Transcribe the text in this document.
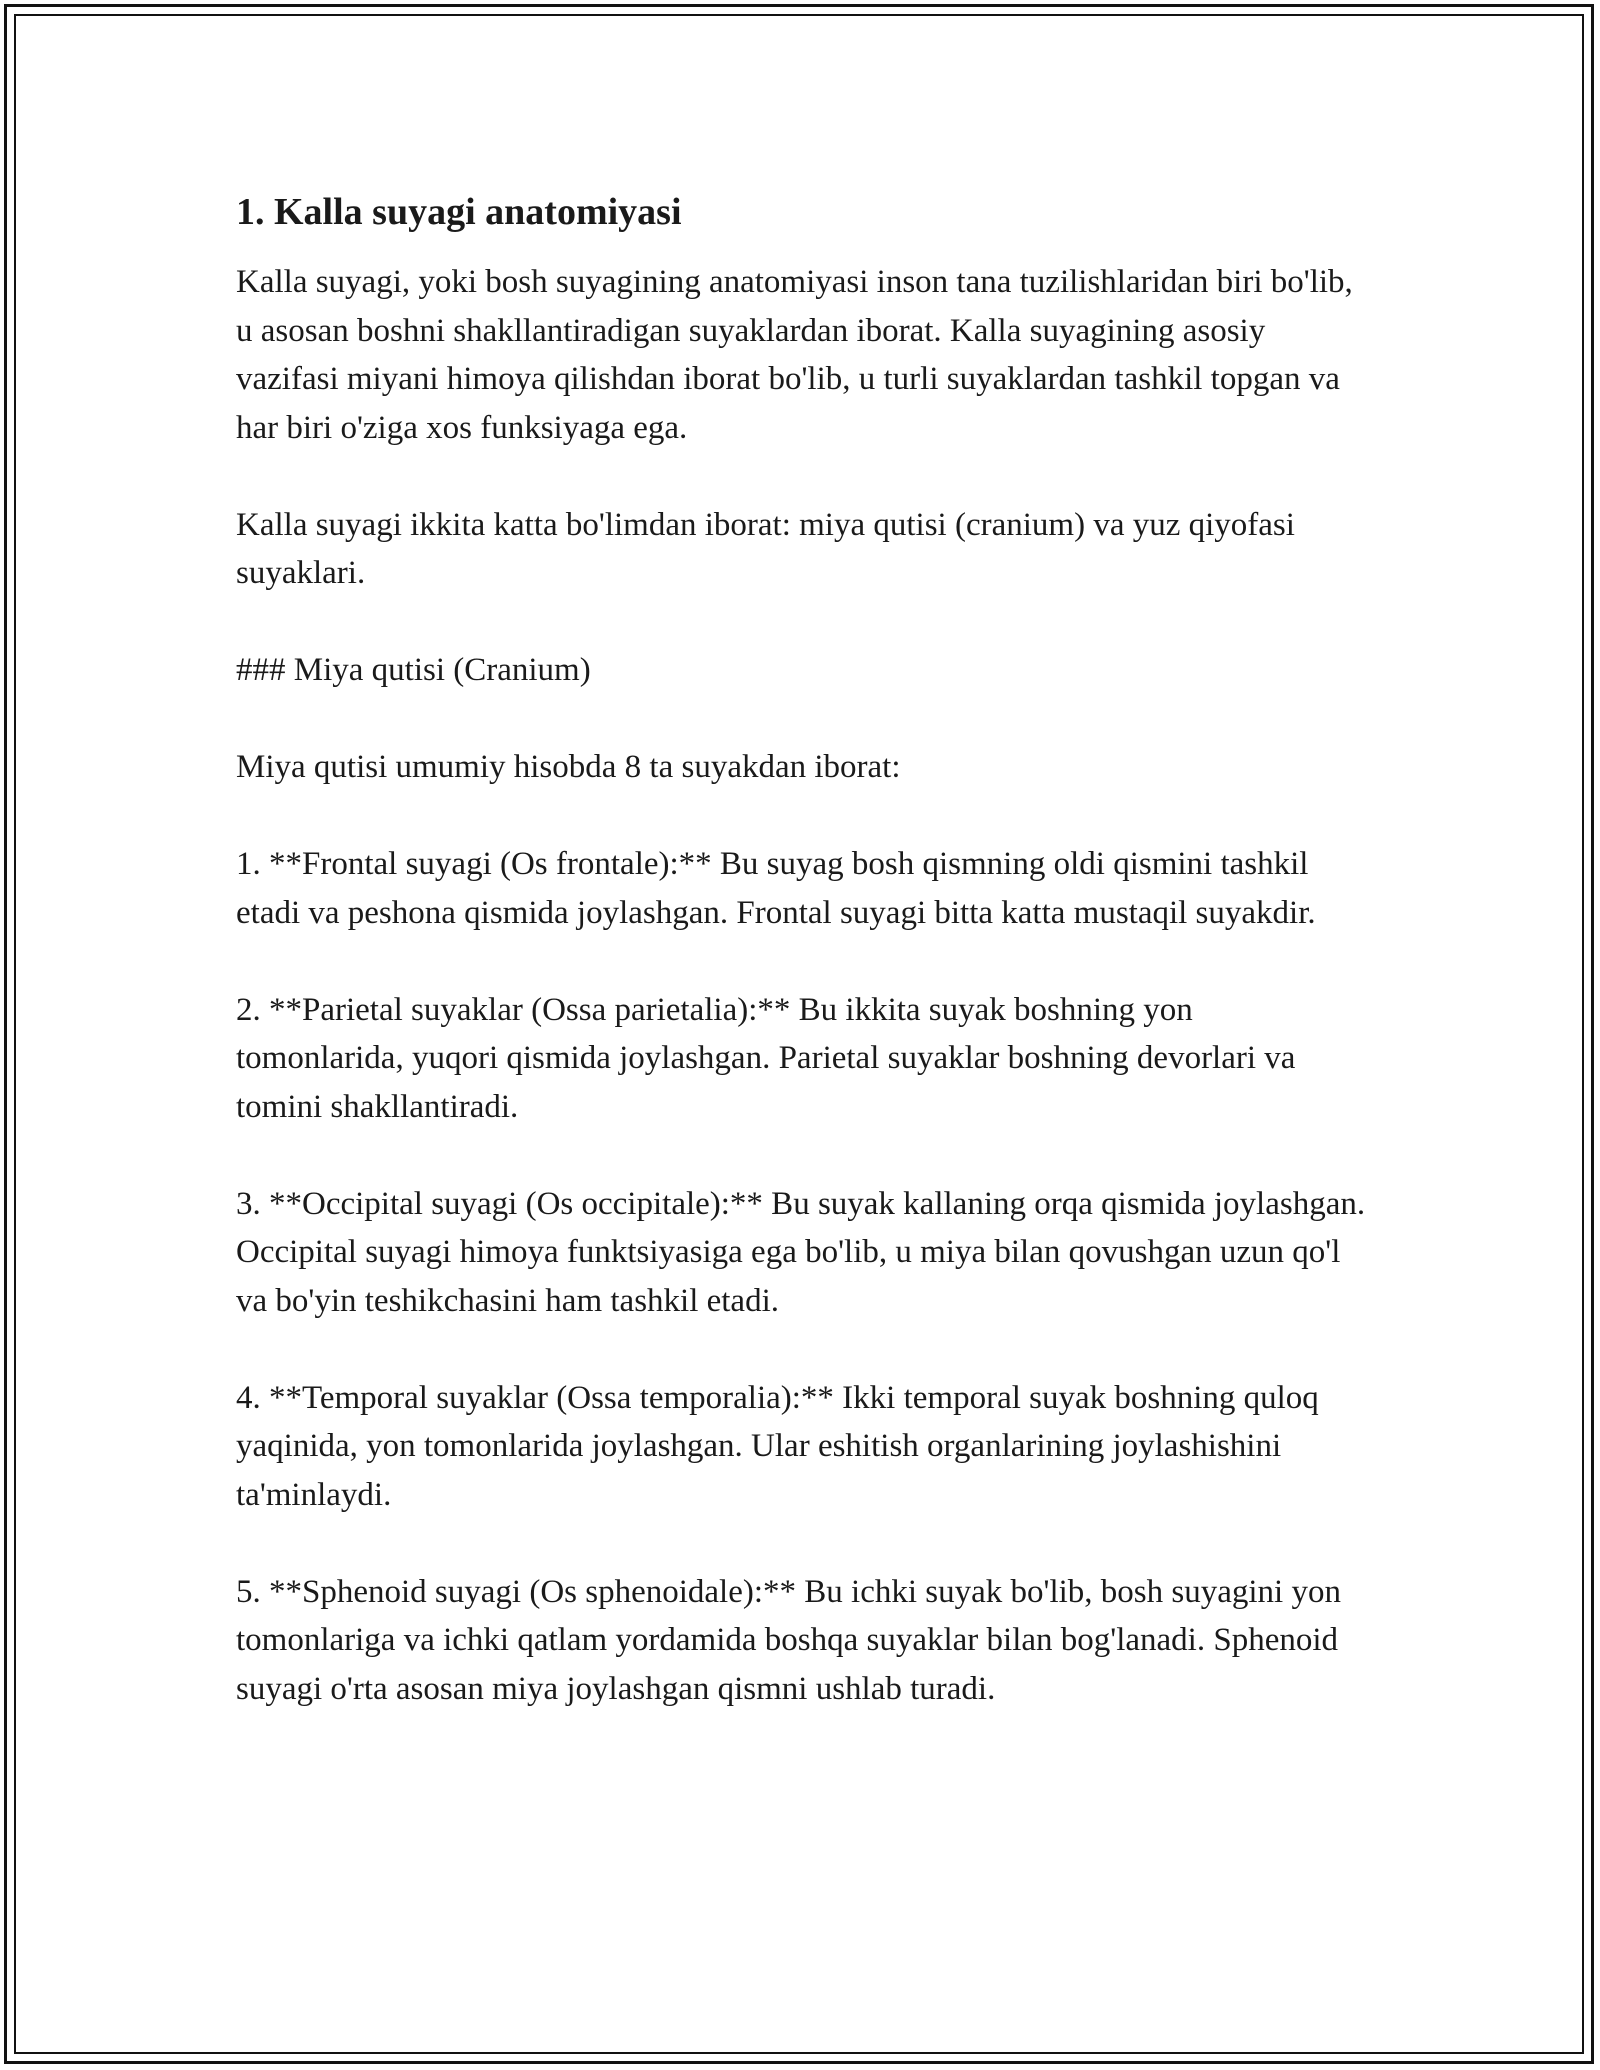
1. Kalla suyagi anatomiyasi

Kalla suyagi, yoki bosh suyagining anatomiyasi inson tana tuzilishlaridan biri bo'lib, u asosan boshni shakllantiradigan suyaklardan iborat. Kalla suyagining asosiy vazifasi miyani himoya qilishdan iborat bo'lib, u turli suyaklardan tashkil topgan va har biri o'ziga xos funksiyaga ega.

Kalla suyagi ikkita katta bo'limdan iborat: miya qutisi (cranium) va yuz qiyofasi suyaklari.

### Miya qutisi (Cranium)

Miya qutisi umumiy hisobda 8 ta suyakdan iborat:

1. **Frontal suyagi (Os frontale):** Bu suyag bosh qismning oldi qismini tashkil etadi va peshona qismida joylashgan. Frontal suyagi bitta katta mustaqil suyakdir.

2. **Parietal suyaklar (Ossa parietalia):** Bu ikkita suyak boshning yon tomonlarida, yuqori qismida joylashgan. Parietal suyaklar boshning devorlari va tomini shakllantiradi.

3. **Occipital suyagi (Os occipitale):** Bu suyak kallaning orqa qismida joylashgan. Occipital suyagi himoya funktsiyasiga ega bo'lib, u miya bilan qovushgan uzun qo'l va bo'yin teshikchasini ham tashkil etadi.

4. **Temporal suyaklar (Ossa temporalia):** Ikki temporal suyak boshning quloq yaqinida, yon tomonlarida joylashgan. Ular eshitish organlarining joylashishini ta'minlaydi.

5. **Sphenoid suyagi (Os sphenoidale):** Bu ichki suyak bo'lib, bosh suyagini yon tomonlariga va ichki qatlam yordamida boshqa suyaklar bilan bog'lanadi. Sphenoid suyagi o'rta asosan miya joylashgan qismni ushlab turadi.
